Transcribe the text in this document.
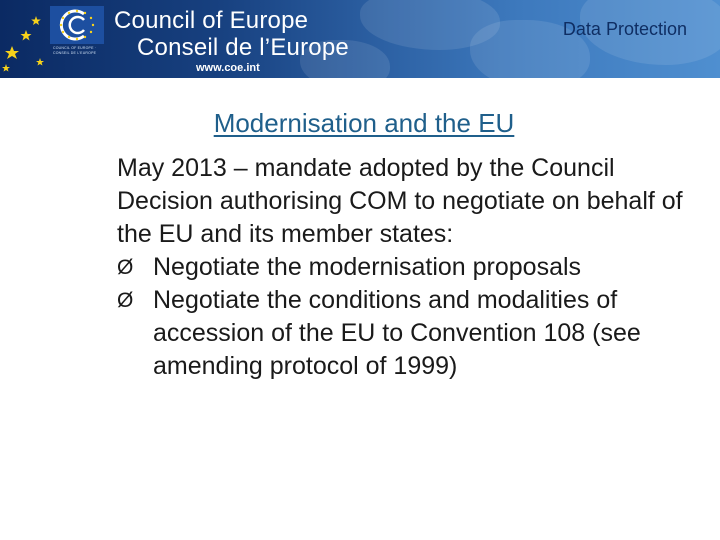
COUNCIL OF EUROPE · CONSEIL DE L’EUROPE
Council of Europe
Conseil de l’Europe
www.coe.int
Data Protection
Modernisation and the EU

May 2013 – mandate adopted by the Council

Decision authorising COM to negotiate on behalf of the EU and its member states:

Ø Negotiate the modernisation proposals
Ø Negotiate the conditions and modalities of accession of the EU to Convention 108 (see amending protocol of 1999)
